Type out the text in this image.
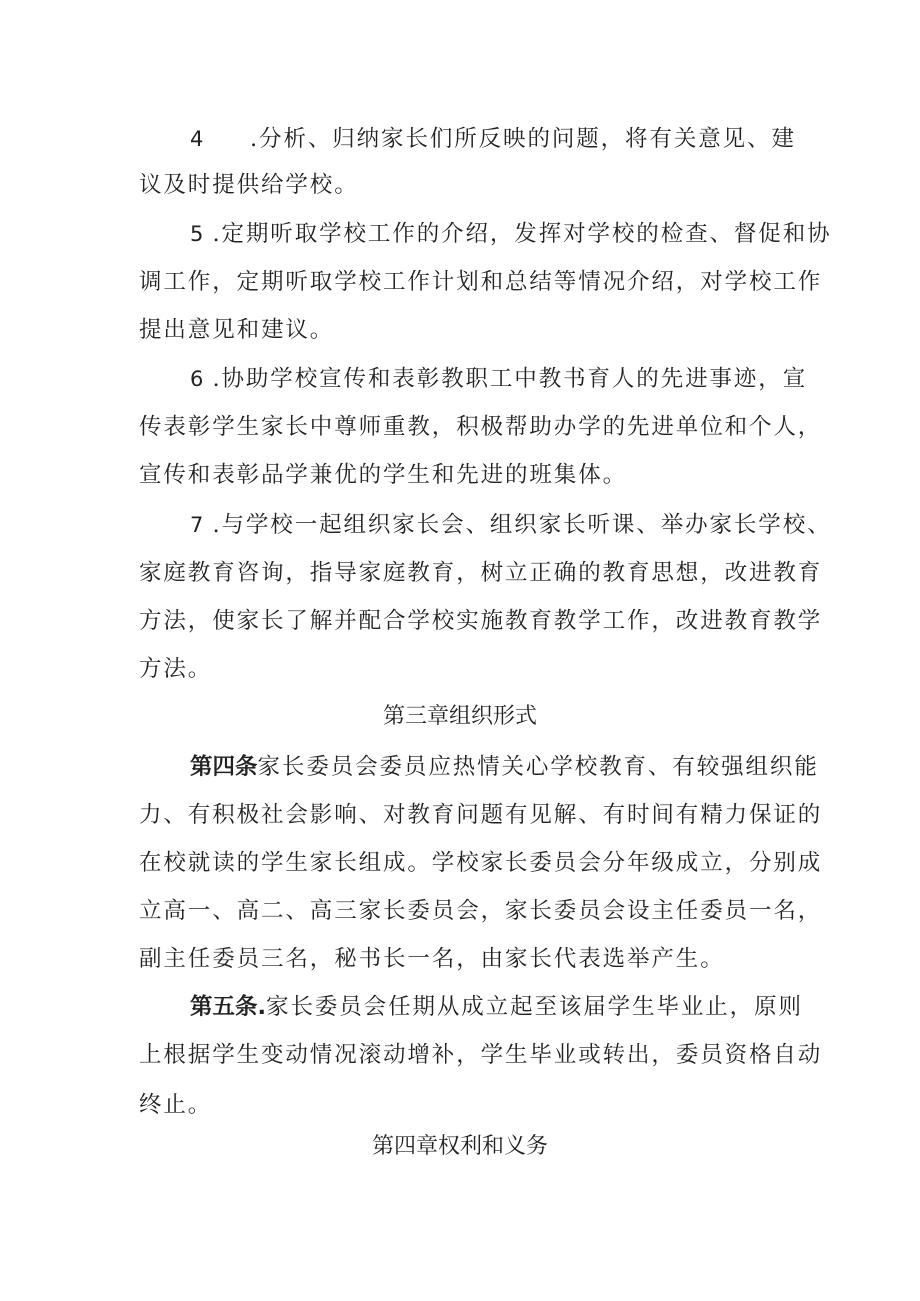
4 .分析、归纳家长们所反映的问题，将有关意见、建
议及时提供给学校。
5 .定期听取学校工作的介绍，发挥对学校的检查、督促和协
调工作，定期听取学校工作计划和总结等情况介绍，对学校工作
提出意见和建议。
6 .协助学校宣传和表彰教职工中教书育人的先进事迹，宣
传表彰学生家长中尊师重教，积极帮助办学的先进单位和个人，
宣传和表彰品学兼优的学生和先进的班集体。
7 .与学校一起组织家长会、组织家长听课、举办家长学校、
家庭教育咨询，指导家庭教育，树立正确的教育思想，改进教育
方法，使家长了解并配合学校实施教育教学工作，改进教育教学
方法。
第三章组织形式
第四条家长委员会委员应热情关心学校教育、有较强组织能
力、有积极社会影响、对教育问题有见解、有时间有精力保证的
在校就读的学生家长组成。学校家长委员会分年级成立，分别成
立高一、高二、高三家长委员会，家长委员会设主任委员一名，
副主任委员三名，秘书长一名，由家长代表选举产生。
第五条.家长委员会任期从成立起至该届学生毕业止，原则
上根据学生变动情况滚动增补，学生毕业或转出，委员资格自动
终止。
第四章权利和义务
